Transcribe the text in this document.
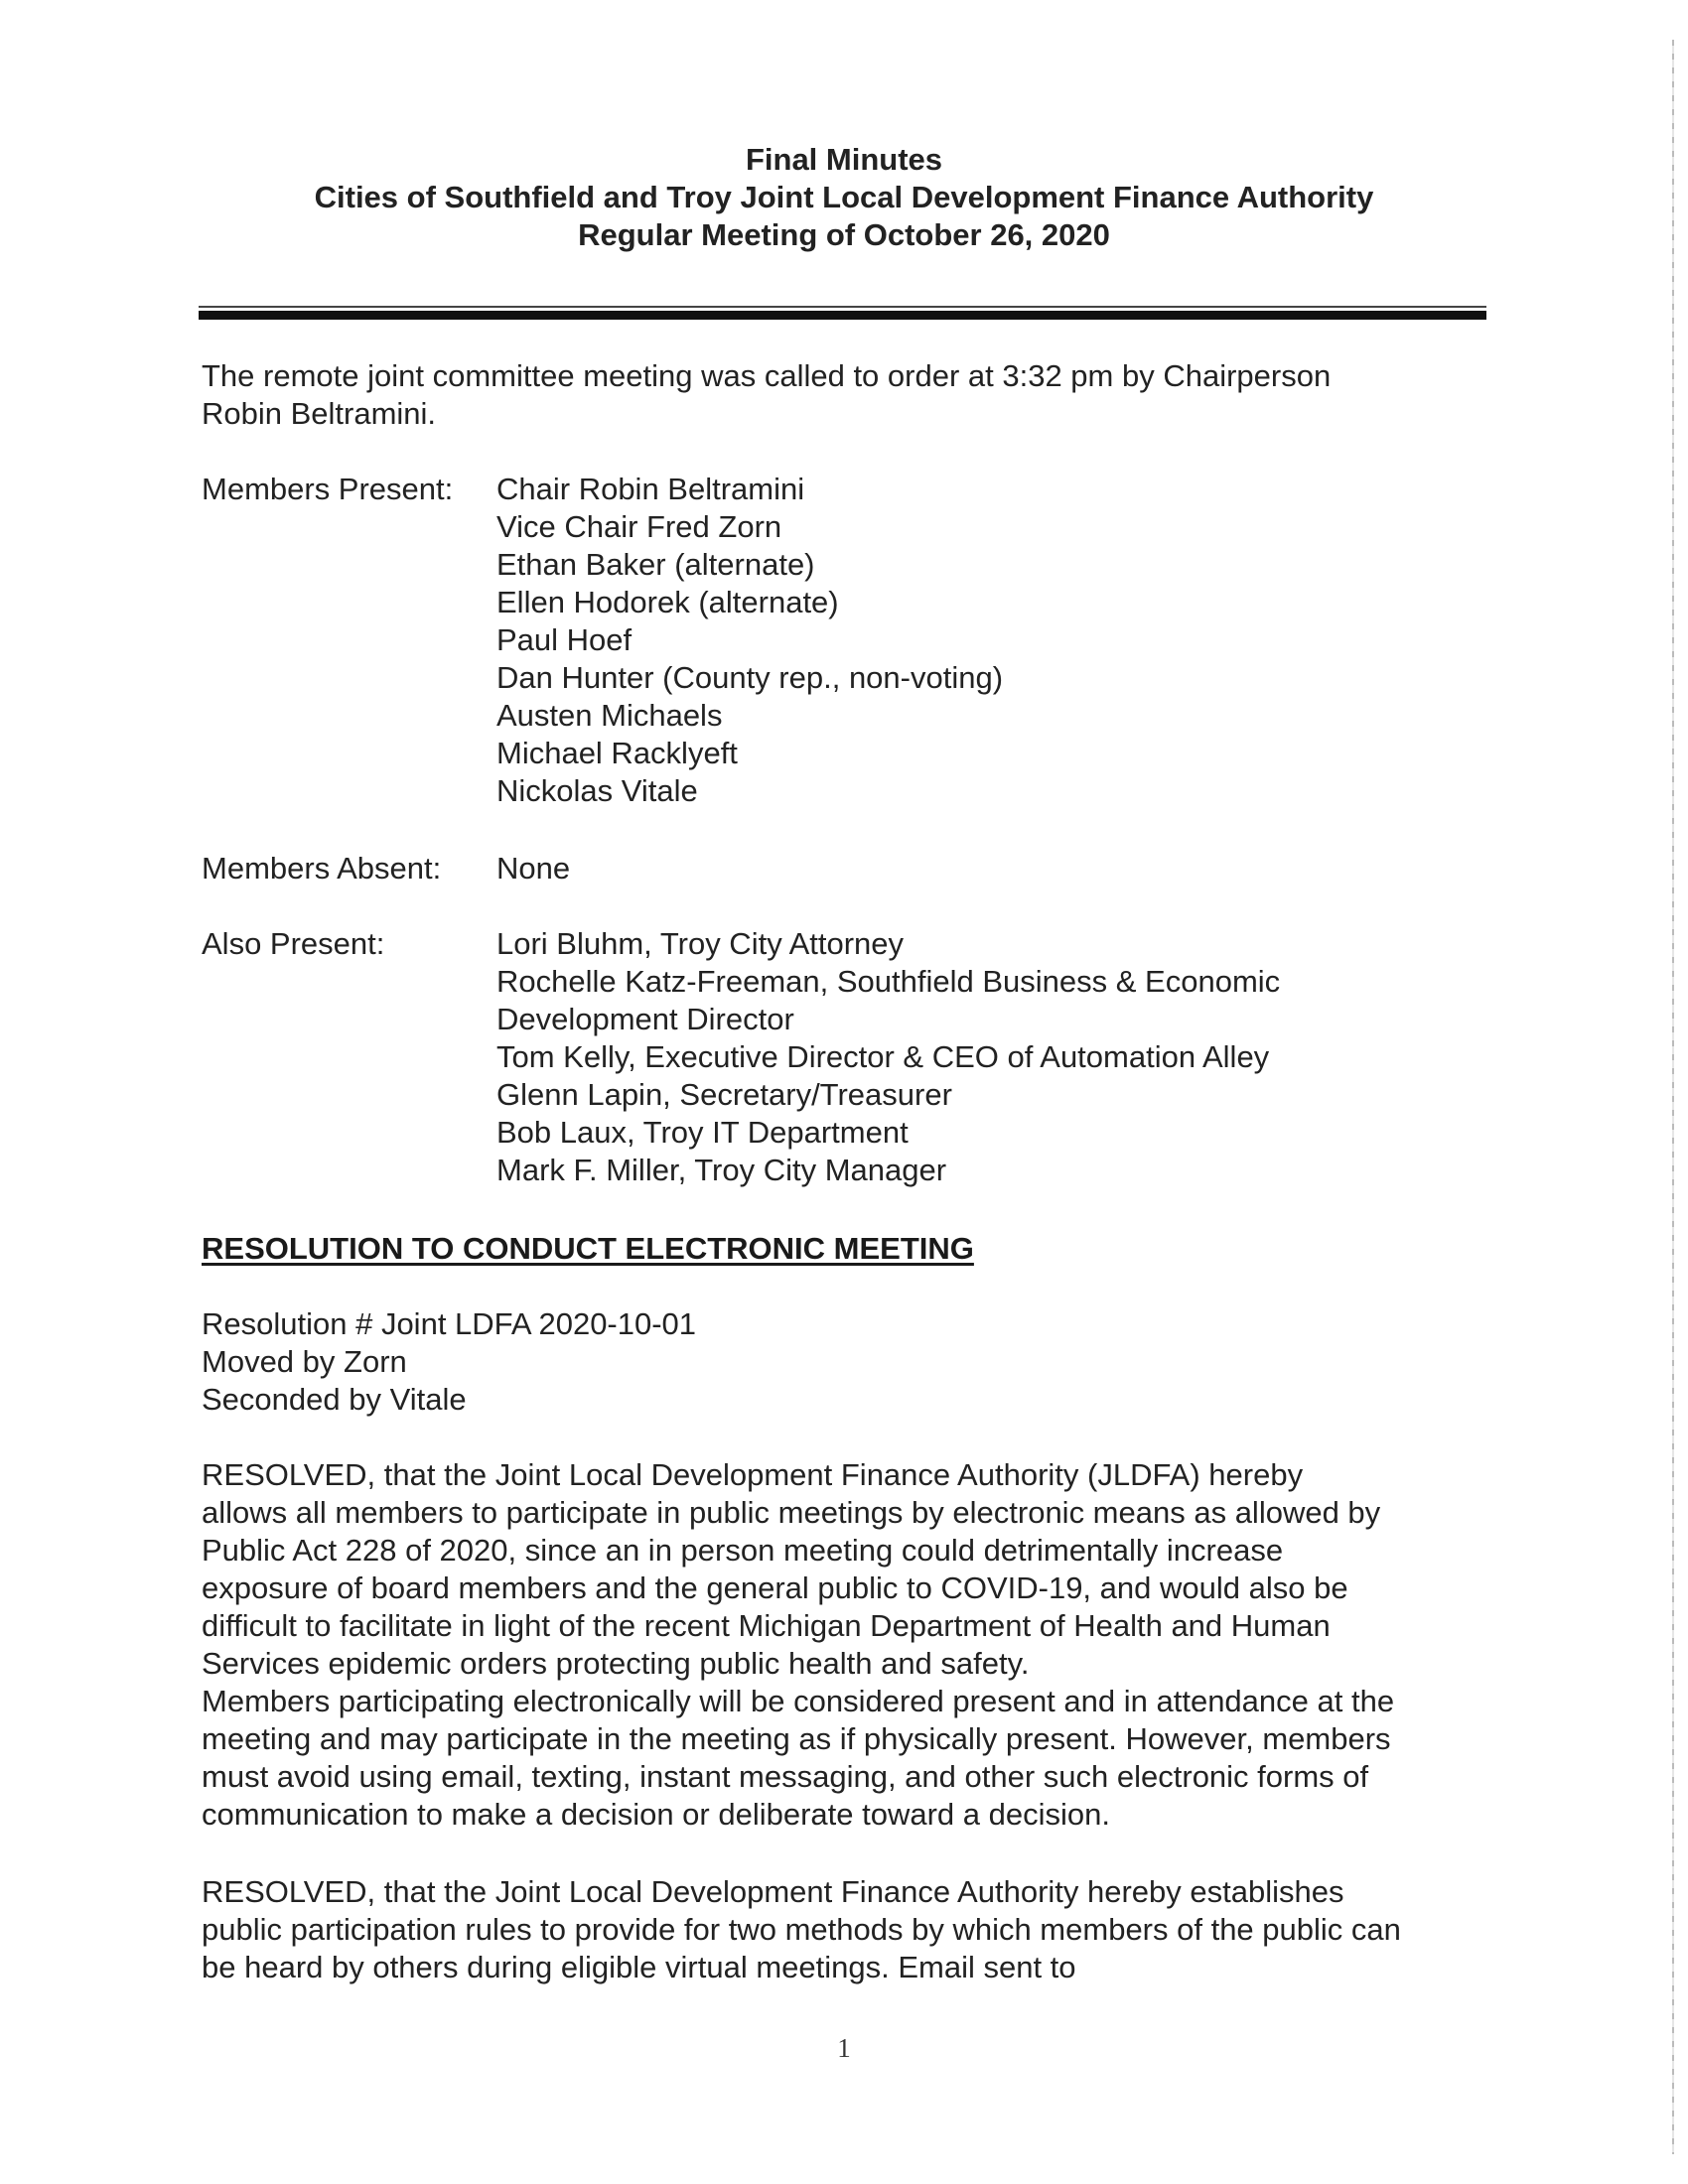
Final Minutes
Cities of Southfield and Troy Joint Local Development Finance Authority
Regular Meeting of October 26, 2020
The remote joint committee meeting was called to order at 3:32 pm by Chairperson
Robin Beltramini.
Members Present:	Chair Robin Beltramini
Vice Chair Fred Zorn
Ethan Baker (alternate)
Ellen Hodorek (alternate)
Paul Hoef
Dan Hunter (County rep., non-voting)
Austen Michaels
Michael Racklyeft
Nickolas Vitale
Members Absent:	None
Also Present:	Lori Bluhm, Troy City Attorney
Rochelle Katz-Freeman, Southfield Business & Economic
Development Director
Tom Kelly, Executive Director & CEO of Automation Alley
Glenn Lapin, Secretary/Treasurer
Bob Laux, Troy IT Department
Mark F. Miller, Troy City Manager
RESOLUTION TO CONDUCT ELECTRONIC MEETING
Resolution # Joint LDFA 2020-10-01
Moved by Zorn
Seconded by Vitale
RESOLVED, that the Joint Local Development Finance Authority (JLDFA) hereby
allows all members to participate in public meetings by electronic means as allowed by
Public Act 228 of 2020, since an in person meeting could detrimentally increase
exposure of board members and the general public to COVID-19, and would also be
difficult to facilitate in light of the recent Michigan Department of Health and Human
Services epidemic orders protecting public health and safety.
Members participating electronically will be considered present and in attendance at the
meeting and may participate in the meeting as if physically present. However, members
must avoid using email, texting, instant messaging, and other such electronic forms of
communication to make a decision or deliberate toward a decision.
RESOLVED, that the Joint Local Development Finance Authority hereby establishes
public participation rules to provide for two methods by which members of the public can
be heard by others during eligible virtual meetings. Email sent to
1
